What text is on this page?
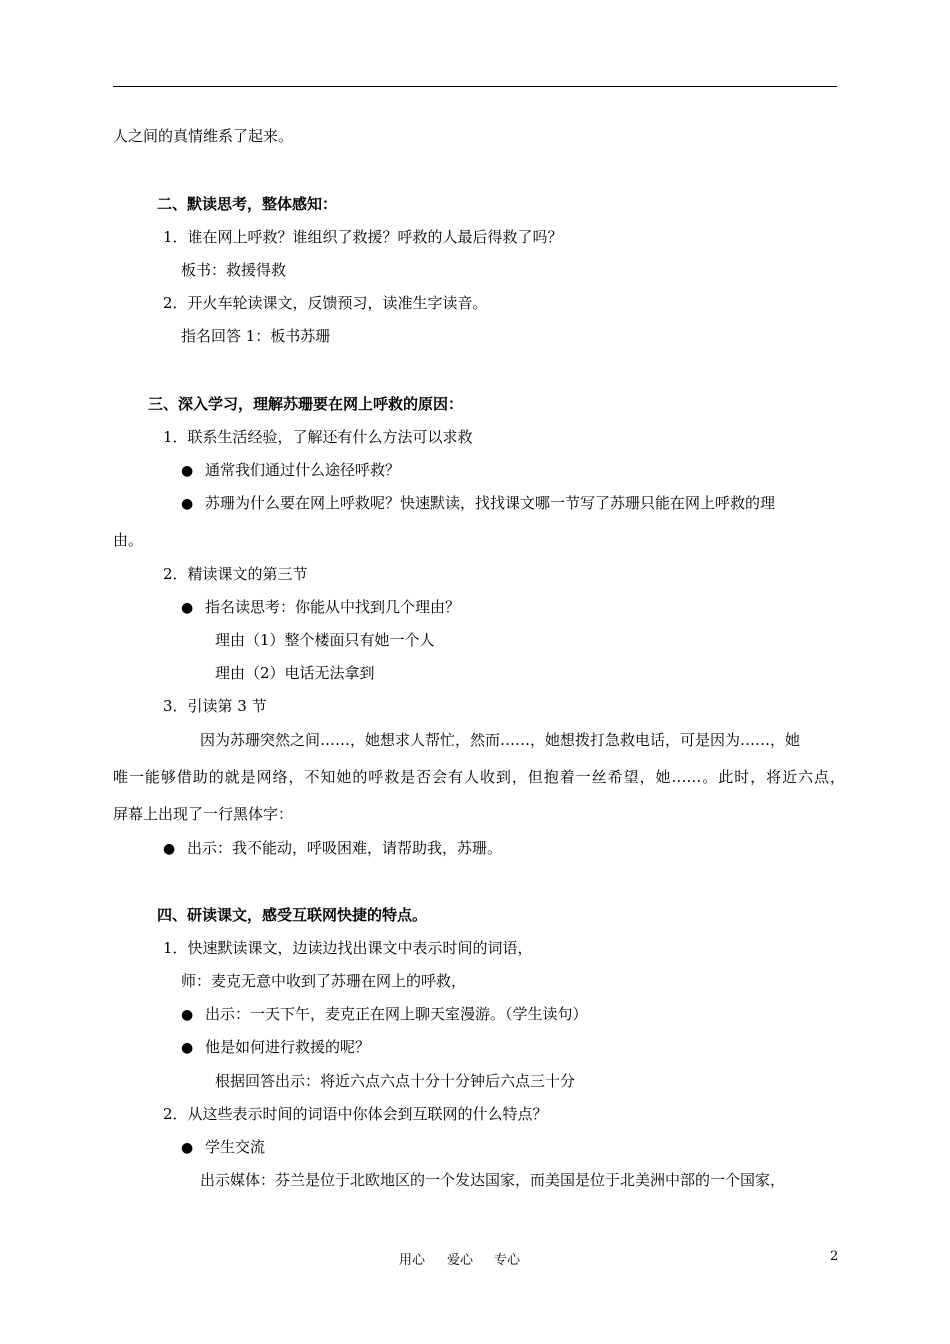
人之间的真情维系了起来。
二、默读思考，整体感知：
1．谁在网上呼救？谁组织了救援？呼救的人最后得救了吗？
板书：救援得救
2．开火车轮读课文，反馈预习，读准生字读音。
指名回答 1：板书苏珊
三、深入学习，理解苏珊要在网上呼救的原因：
1．联系生活经验，了解还有什么方法可以求救
● 通常我们通过什么途径呼救？
● 苏珊为什么要在网上呼救呢？快速默读，找找课文哪一节写了苏珊只能在网上呼救的理
由。
2．精读课文的第三节
● 指名读思考：你能从中找到几个理由？
理由（1）整个楼面只有她一个人
理由（2）电话无法拿到
3．引读第 3 节
因为苏珊突然之间……，她想求人帮忙，然而……，她想拨打急救电话，可是因为……，她
唯一能够借助的就是网络，不知她的呼救是否会有人收到，但抱着一丝希望，她……。此时，将近六点，
屏幕上出现了一行黑体字：
● 出示：我不能动，呼吸困难，请帮助我，苏珊。
四、研读课文，感受互联网快捷的特点。
1．快速默读课文，边读边找出课文中表示时间的词语，
师：麦克无意中收到了苏珊在网上的呼救，
● 出示：一天下午，麦克正在网上聊天室漫游。（学生读句）
● 他是如何进行救援的呢？
根据回答出示：将近六点六点十分十分钟后六点三十分
2．从这些表示时间的词语中你体会到互联网的什么特点？
● 学生交流
出示媒体：芬兰是位于北欧地区的一个发达国家，而美国是位于北美洲中部的一个国家，
用心 爱心 专心	2
